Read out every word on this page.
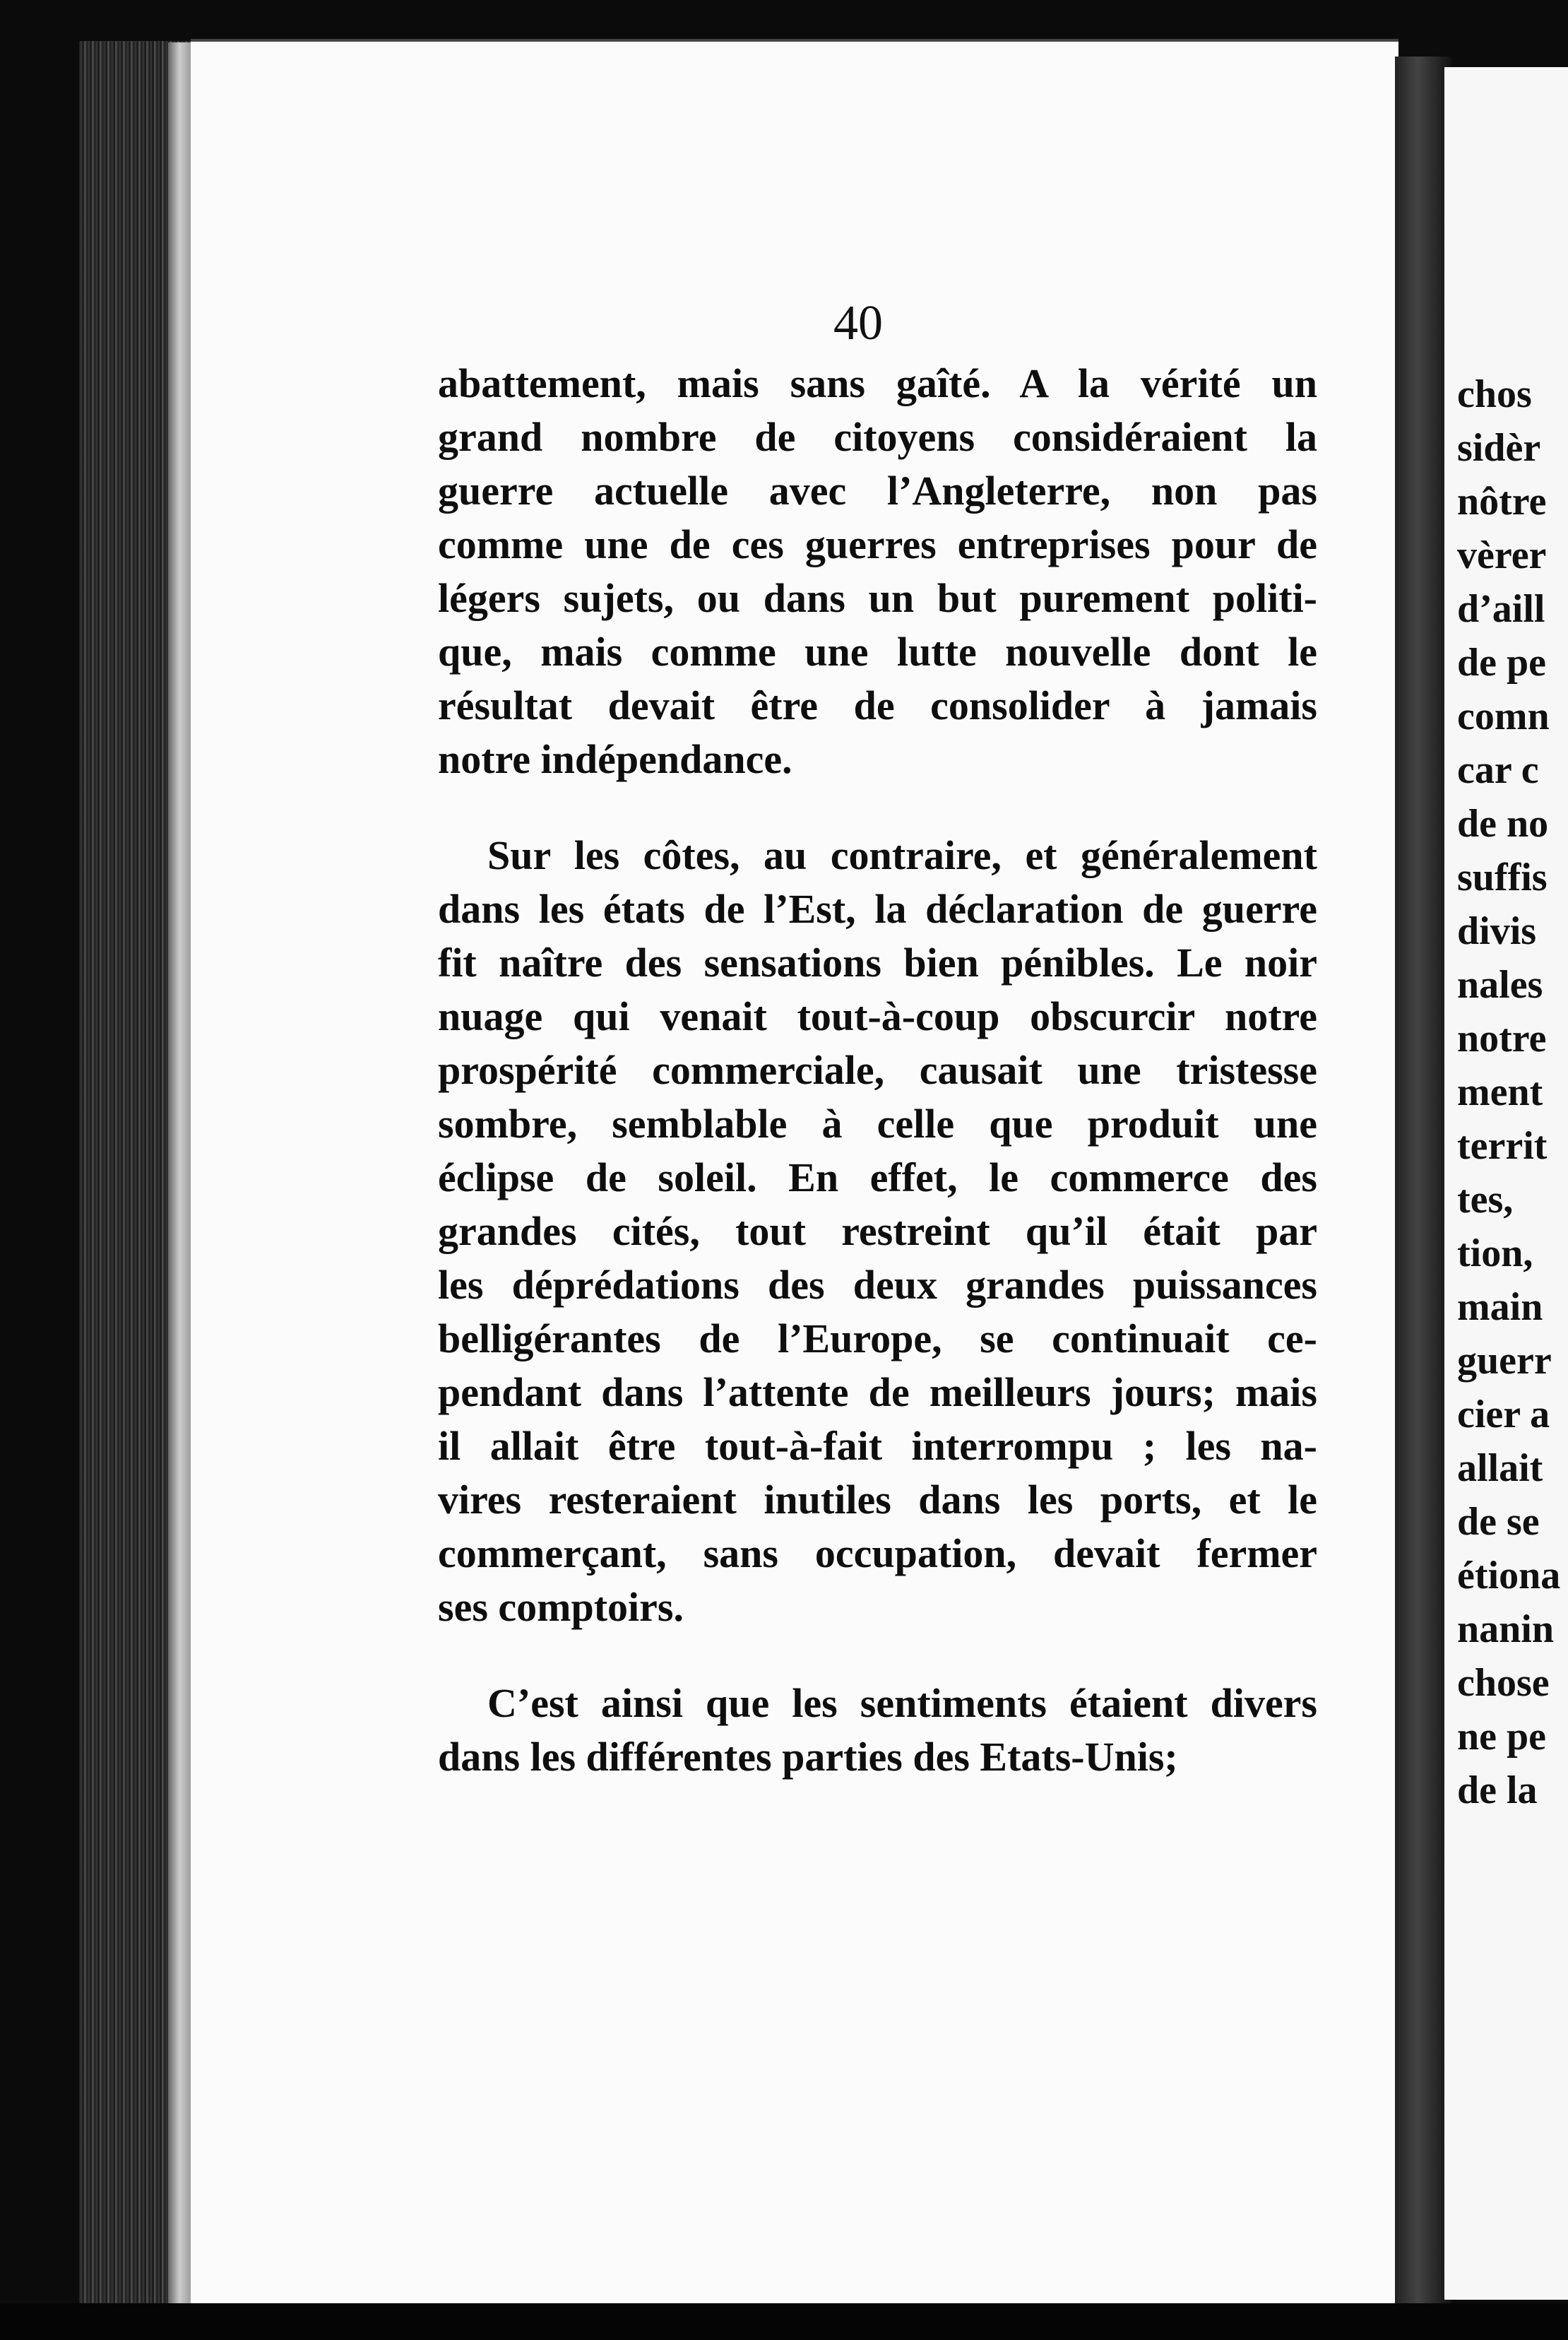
chos
sidèr
nôtre
vèrer
d’aill
de pe
comn
car c
de no
suffis
divis
nales
notre
ment
territ
tes,
tion,
main
guerr
cier a
allait
de se
étiona
nanin
chose
ne pe
de la
40
abattement, mais sans gaîté. A la vérité un
grand nombre de citoyens considéraient la
guerre actuelle avec l’Angleterre, non pas
comme une de ces guerres entreprises pour de
légers sujets, ou dans un but purement politi-
que, mais comme une lutte nouvelle dont le
résultat devait être de consolider à jamais
notre indépendance.
Sur les côtes, au contraire, et généralement
dans les états de l’Est, la déclaration de guerre
fit naître des sensations bien pénibles. Le noir
nuage qui venait tout-à-coup obscurcir notre
prospérité commerciale, causait une tristesse
sombre, semblable à celle que produit une
éclipse de soleil. En effet, le commerce des
grandes cités, tout restreint qu’il était par
les déprédations des deux grandes puissances
belligérantes de l’Europe, se continuait ce-
pendant dans l’attente de meilleurs jours; mais
il allait être tout-à-fait interrompu ; les na-
vires resteraient inutiles dans les ports, et le
commerçant, sans occupation, devait fermer
ses comptoirs.
C’est ainsi que les sentiments étaient divers
dans les différentes parties des Etats-Unis;
